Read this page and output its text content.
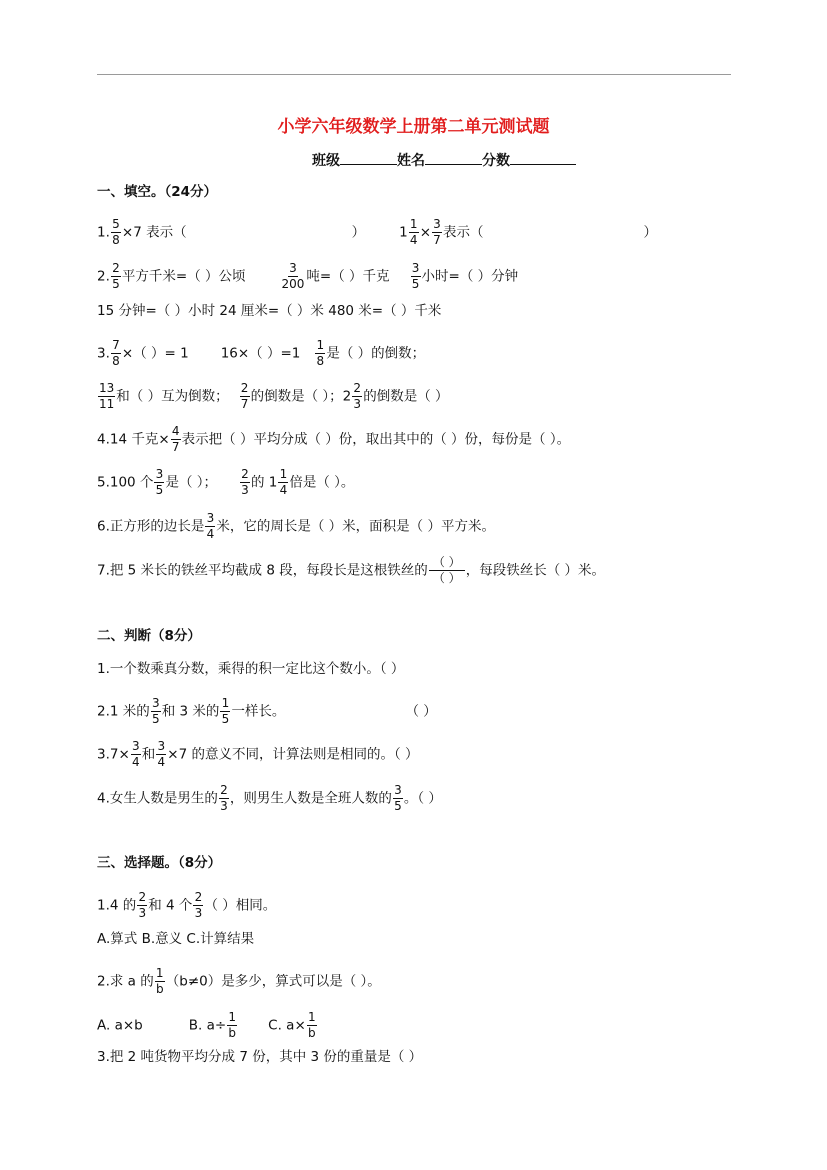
小学六年级数学上册第二单元测试题
班级	姓名	分数
一、填空。（24分）
1. $\frac{5}{8} \times 7$ 表示（	）	$1 \frac{1}{4} \times \frac{3}{7}$ 表示（	）
2. $\frac{2}{5}$ 平方千米=（ ）公顷	$\frac{3}{200}$ 吨=（ ）千克 $\frac{3}{5}$ 小时=（ ）分钟
15 分钟=（ ）小时 24 厘米=（ ）米 480 米=（ ）千米
3. $\frac{7}{8}$ ×（ ）= 1 16×（ ）$=1 \frac{1}{8}$ 是（ ）的倒数；
$\frac{13}{11}$ 和（ ）互为倒数； $\frac{2}{7}$ 的倒数是（ ）；$2 \frac{2}{3}$ 的倒数是（ ）
4.14 千克× $\frac{4}{7}$ 表示把（ ）平均分成（ ）份，取出其中的（ ）份，每份是（ ）。
5.100 个 $\frac{3}{5}$ 是（ ）； $\frac{2}{3}$ 的 $1 \frac{1}{4}$ 倍是（ ）。
6.正方形的边长是 $\frac{3}{4}$ 米，它的周长是（ ）米，面积是（ ）平方米。
7.把 5 米长的铁丝平均截成 8 段，每段长是这根铁丝的
（ ）
（ ） ，每段铁丝长（ ）米。
二、判断（8分）
1.一个数乘真分数，乘得的积一定比这个数小。（ ）
2.1 米的 $\frac{3}{5}$ 和 3 米的 $\frac{1}{5}$ 一样长。	（ ）
$3.7\times \frac{3}{4}$ 和 $\frac{3}{4} \times 7$ 的意义不同，计算法则是相同的。（ ）
4.女生人数是男生的 $\frac{2}{3}$ ，则男生人数是全班人数的 $\frac{3}{5}$ 。（ ）
三、选择题。（8分）
1.4 的 $\frac{2}{3}$ 和 4 个 $\frac{2}{3}$ （ ）相同。
A.算式 B.意义 C.计算结果
2.求 a 的 $\frac{1}{b} (b\ne 0)$是多少，算式可以是（ ）。
A. a×b	B. $a\div \frac{1}{b} C$. $a\times \frac{1}{b}$
3.把 2 吨货物平均分成 7 份，其中 3 份的重量是（ ）
